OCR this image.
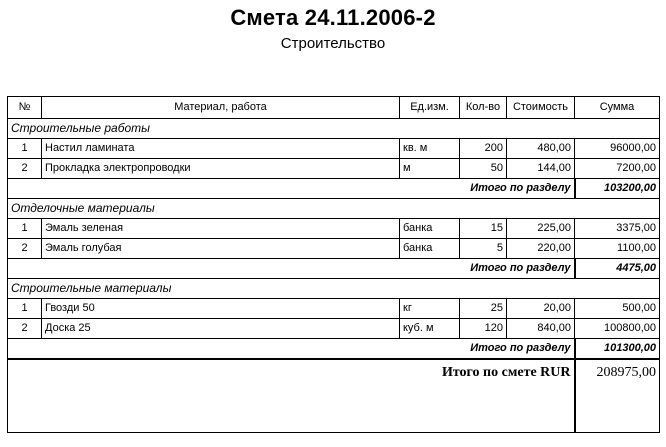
Смета 24.11.2006-2
Строительство
№	Материал, работа	Ед.изм.	Кол-во	Стоимость	Сумма
Строительные работы					
1	Настил ламината	кв. м	200	480,00	96000,00
2	Прокладка электропроводки	м	50	144,00	7200,00
Итого по разделу					103200,00
Отделочные материалы					
1	Эмаль зеленая	банка	15	225,00	3375,00
2	Эмаль голубая	банка	5	220,00	1100,00
Итого по разделу					4475,00
Строительные материалы					
1	Гвозди 50	кг	25	20,00	500,00
2	Доска 25	куб. м	120	840,00	100800,00
Итого по разделу					101300,00
Итого по смете RUR					208975,00
